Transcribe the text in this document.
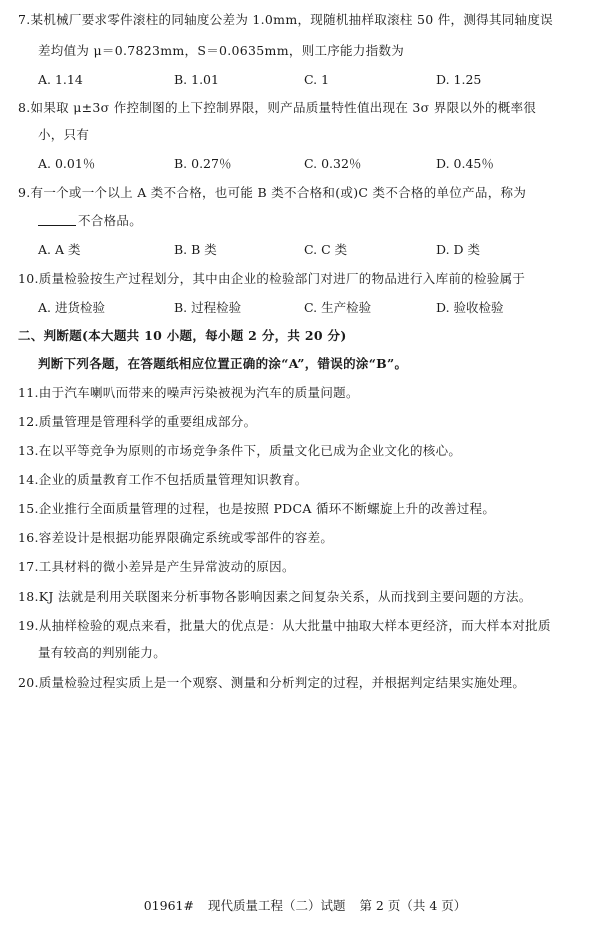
7.某机械厂要求零件滚柱的同轴度公差为 1.0mm，现随机抽样取滚柱 50 件，测得其同轴度误
差均值为 μ＝0.7823mm，S＝0.0635mm，则工序能力指数为
A. 1.14	B. 1.01	C. 1	D. 1.25
8.如果取 μ±3σ 作控制图的上下控制界限，则产品质量特性值出现在 3σ 界限以外的概率很
小，只有
A. 0.01％	B. 0.27％	C. 0.32％	D. 0.45％
9.有一个或一个以上 A 类不合格，也可能 B 类不合格和(或)C 类不合格的单位产品，称为
不合格品。
A. A 类	B. B 类	C. C 类	D. D 类
10.质量检验按生产过程划分，其中由企业的检验部门对进厂的物品进行入库前的检验属于
A. 进货检验	B. 过程检验	C. 生产检验	D. 验收检验
二、判断题(本大题共 10 小题，每小题 2 分，共 20 分)
判断下列各题，在答题纸相应位置正确的涂“A”，错误的涂“B”。
11.由于汽车喇叭而带来的噪声污染被视为汽车的质量问题。
12.质量管理是管理科学的重要组成部分。
13.在以平等竞争为原则的市场竞争条件下，质量文化已成为企业文化的核心。
14.企业的质量教育工作不包括质量管理知识教育。
15.企业推行全面质量管理的过程，也是按照 PDCA 循环不断螺旋上升的改善过程。
16.容差设计是根据功能界限确定系统或零部件的容差。
17.工具材料的微小差异是产生异常波动的原因。
18.KJ 法就是利用关联图来分析事物各影响因素之间复杂关系，从而找到主要问题的方法。
19.从抽样检验的观点来看，批量大的优点是：从大批量中抽取大样本更经济，而大样本对批质
量有较高的判别能力。
20.质量检验过程实质上是一个观察、测量和分析判定的过程，并根据判定结果实施处理。
01961# 现代质量工程（二）试题 第 2 页（共 4 页）
